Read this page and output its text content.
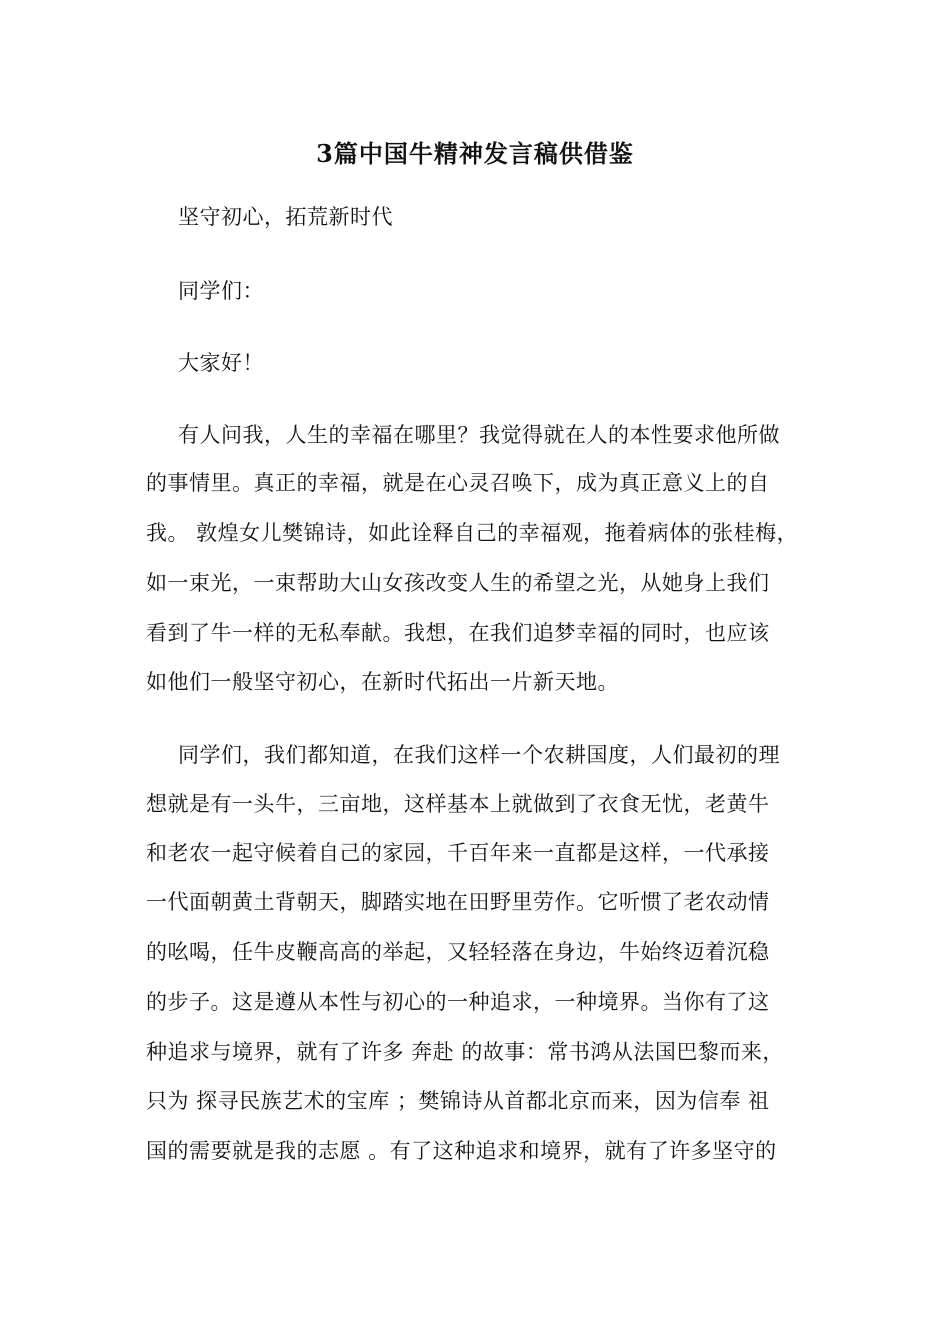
3篇中国牛精神发言稿供借鉴
坚守初心，拓荒新时代
同学们：
大家好！
有人问我，人生的幸福在哪里？我觉得就在人的本性要求他所做
的事情里。真正的幸福，就是在心灵召唤下，成为真正意义上的自
我。 敦煌女儿樊锦诗，如此诠释自己的幸福观，拖着病体的张桂梅，
如一束光，一束帮助大山女孩改变人生的希望之光，从她身上我们
看到了牛一样的无私奉献。我想，在我们追梦幸福的同时，也应该
如他们一般坚守初心，在新时代拓出一片新天地。
同学们，我们都知道，在我们这样一个农耕国度，人们最初的理
想就是有一头牛，三亩地，这样基本上就做到了衣食无忧，老黄牛
和老农一起守候着自己的家园，千百年来一直都是这样，一代承接
一代面朝黄土背朝天，脚踏实地在田野里劳作。它听惯了老农动情
的吆喝，任牛皮鞭高高的举起，又轻轻落在身边，牛始终迈着沉稳
的步子。这是遵从本性与初心的一种追求，一种境界。当你有了这
种追求与境界，就有了许多 奔赴 的故事：常书鸿从法国巴黎而来，
只为 探寻民族艺术的宝库 ；樊锦诗从首都北京而来，因为信奉 祖
国的需要就是我的志愿 。有了这种追求和境界，就有了许多坚守的
